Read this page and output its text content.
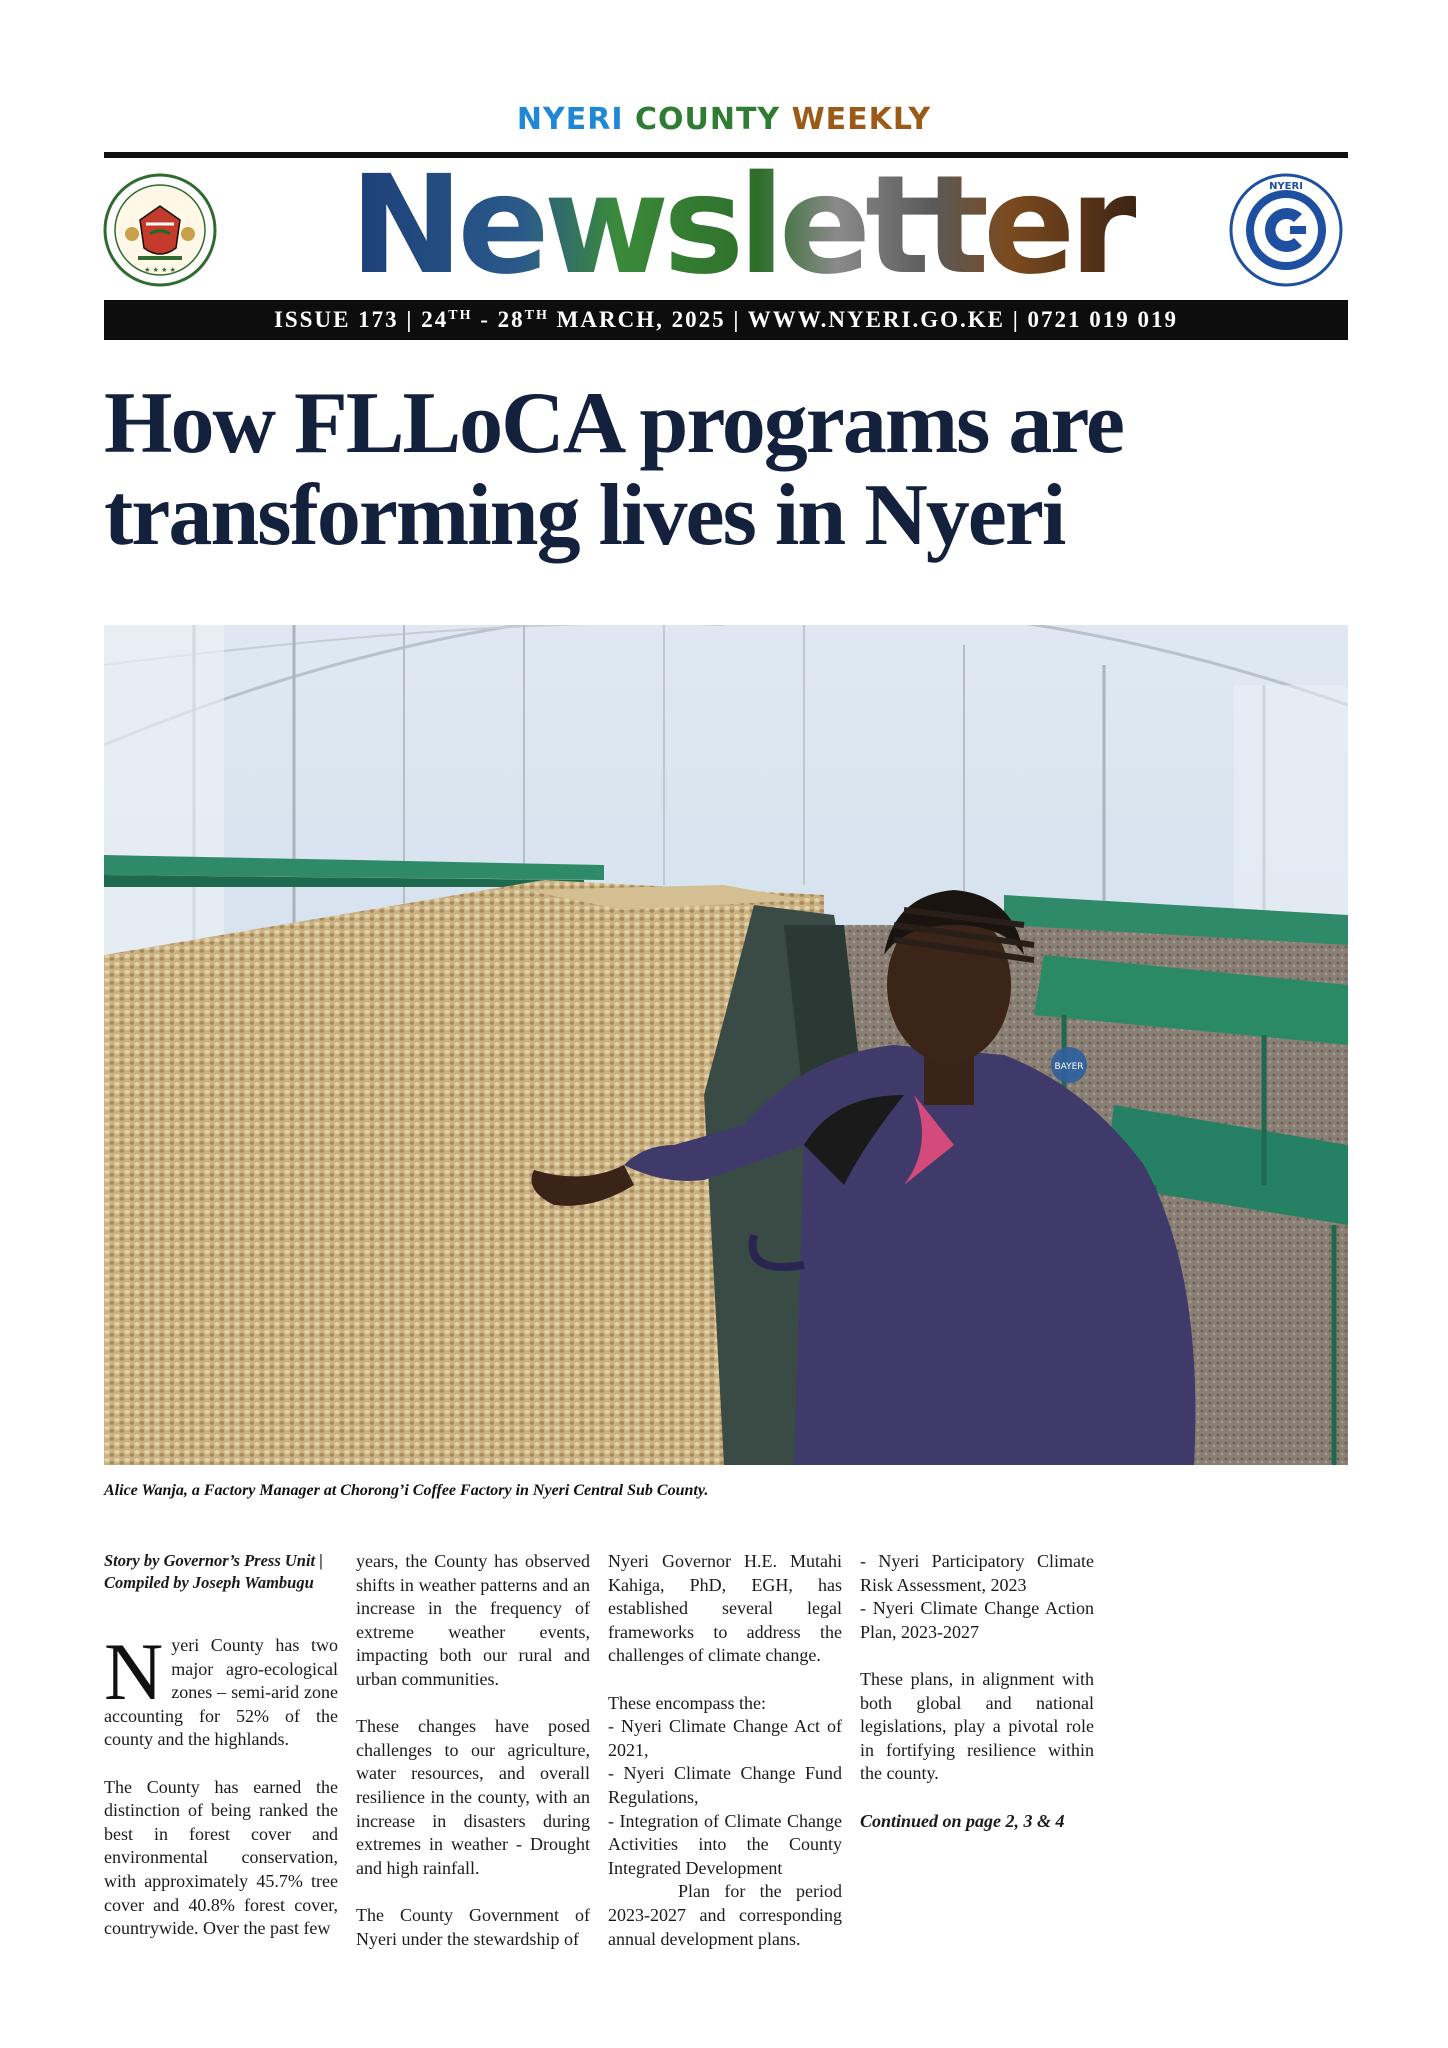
NYERI COUNTY WEEKLY
★ ★ ★ ★ Newsletter	NYERI
ISSUE 173 | 24TH - 28TH MARCH, 2025 | WWW.NYERI.GO.KE | 0721 019 019
How FLLoCA programs are
transforming lives in Nyeri
BAYER
Alice Wanja, a Factory Manager at Chorong’i Coffee Factory in Nyeri Central Sub County.

Story by Governor’s Press Unit | Compiled by Joseph Wambugu

Nyeri County has two major agro-ecological zones – semi-arid zone accounting for 52% of the county and the highlands.

The County has earned the distinction of being ranked the best in forest cover and environmental conservation, with approximately 45.7% tree cover and 40.8% forest cover, countrywide. Over the past few

years, the County has observed shifts in weather patterns and an increase in the frequency of extreme weather events, impacting both our rural and urban communities.

These changes have posed challenges to our agriculture, water resources, and overall resilience in the county, with an increase in disasters during extremes in weather - Drought and high rainfall.

The County Government of Nyeri under the stewardship of

Nyeri Governor H.E. Mutahi Kahiga, PhD, EGH, has established several legal frameworks to address the challenges of climate change.

These encompass the:

- Nyeri Climate Change Act of 2021,

- Nyeri Climate Change Fund Regulations,

- Integration of Climate Change Activities into the County Integrated Development

Plan for the period 2023-2027 and corresponding annual development plans.

- Nyeri Participatory Climate Risk Assessment, 2023

- Nyeri Climate Change Action Plan, 2023-2027

These plans, in alignment with both global and national legislations, play a pivotal role in fortifying resilience within the county.

Continued on page 2, 3 & 4
